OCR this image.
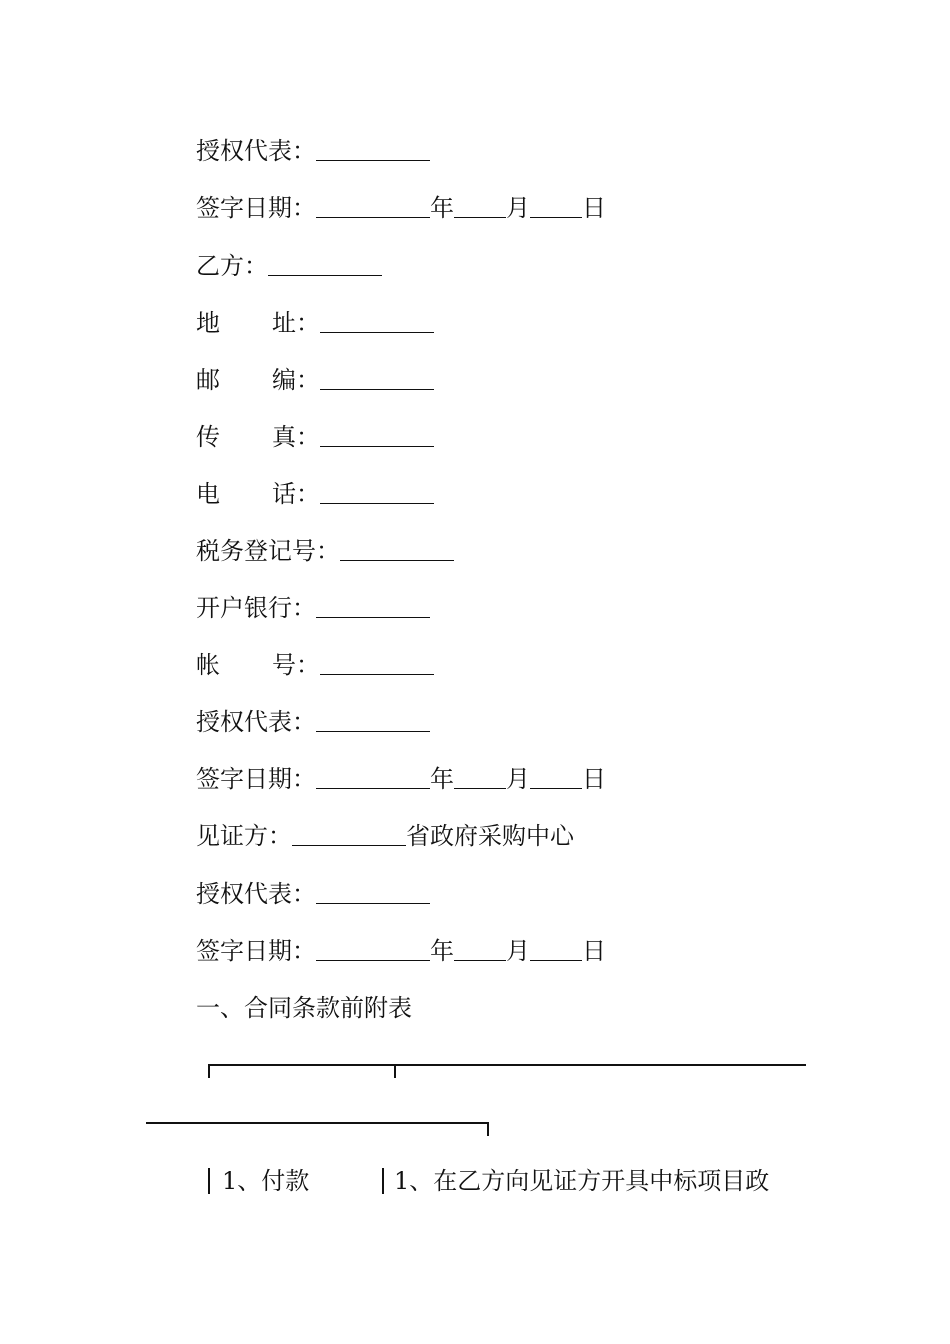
授权代表：
签字日期：	年 月 日
乙方：
地 址：
邮 编：
传 真：
电 话：
税务登记号：
开户银行：
帐 号：
授权代表：
签字日期：	年 月 日
见证方：	省政府采购中心
授权代表：
签字日期：	年 月 日
一、合同条款前附表
1、付款	1、在乙方向见证方开具中标项目政
